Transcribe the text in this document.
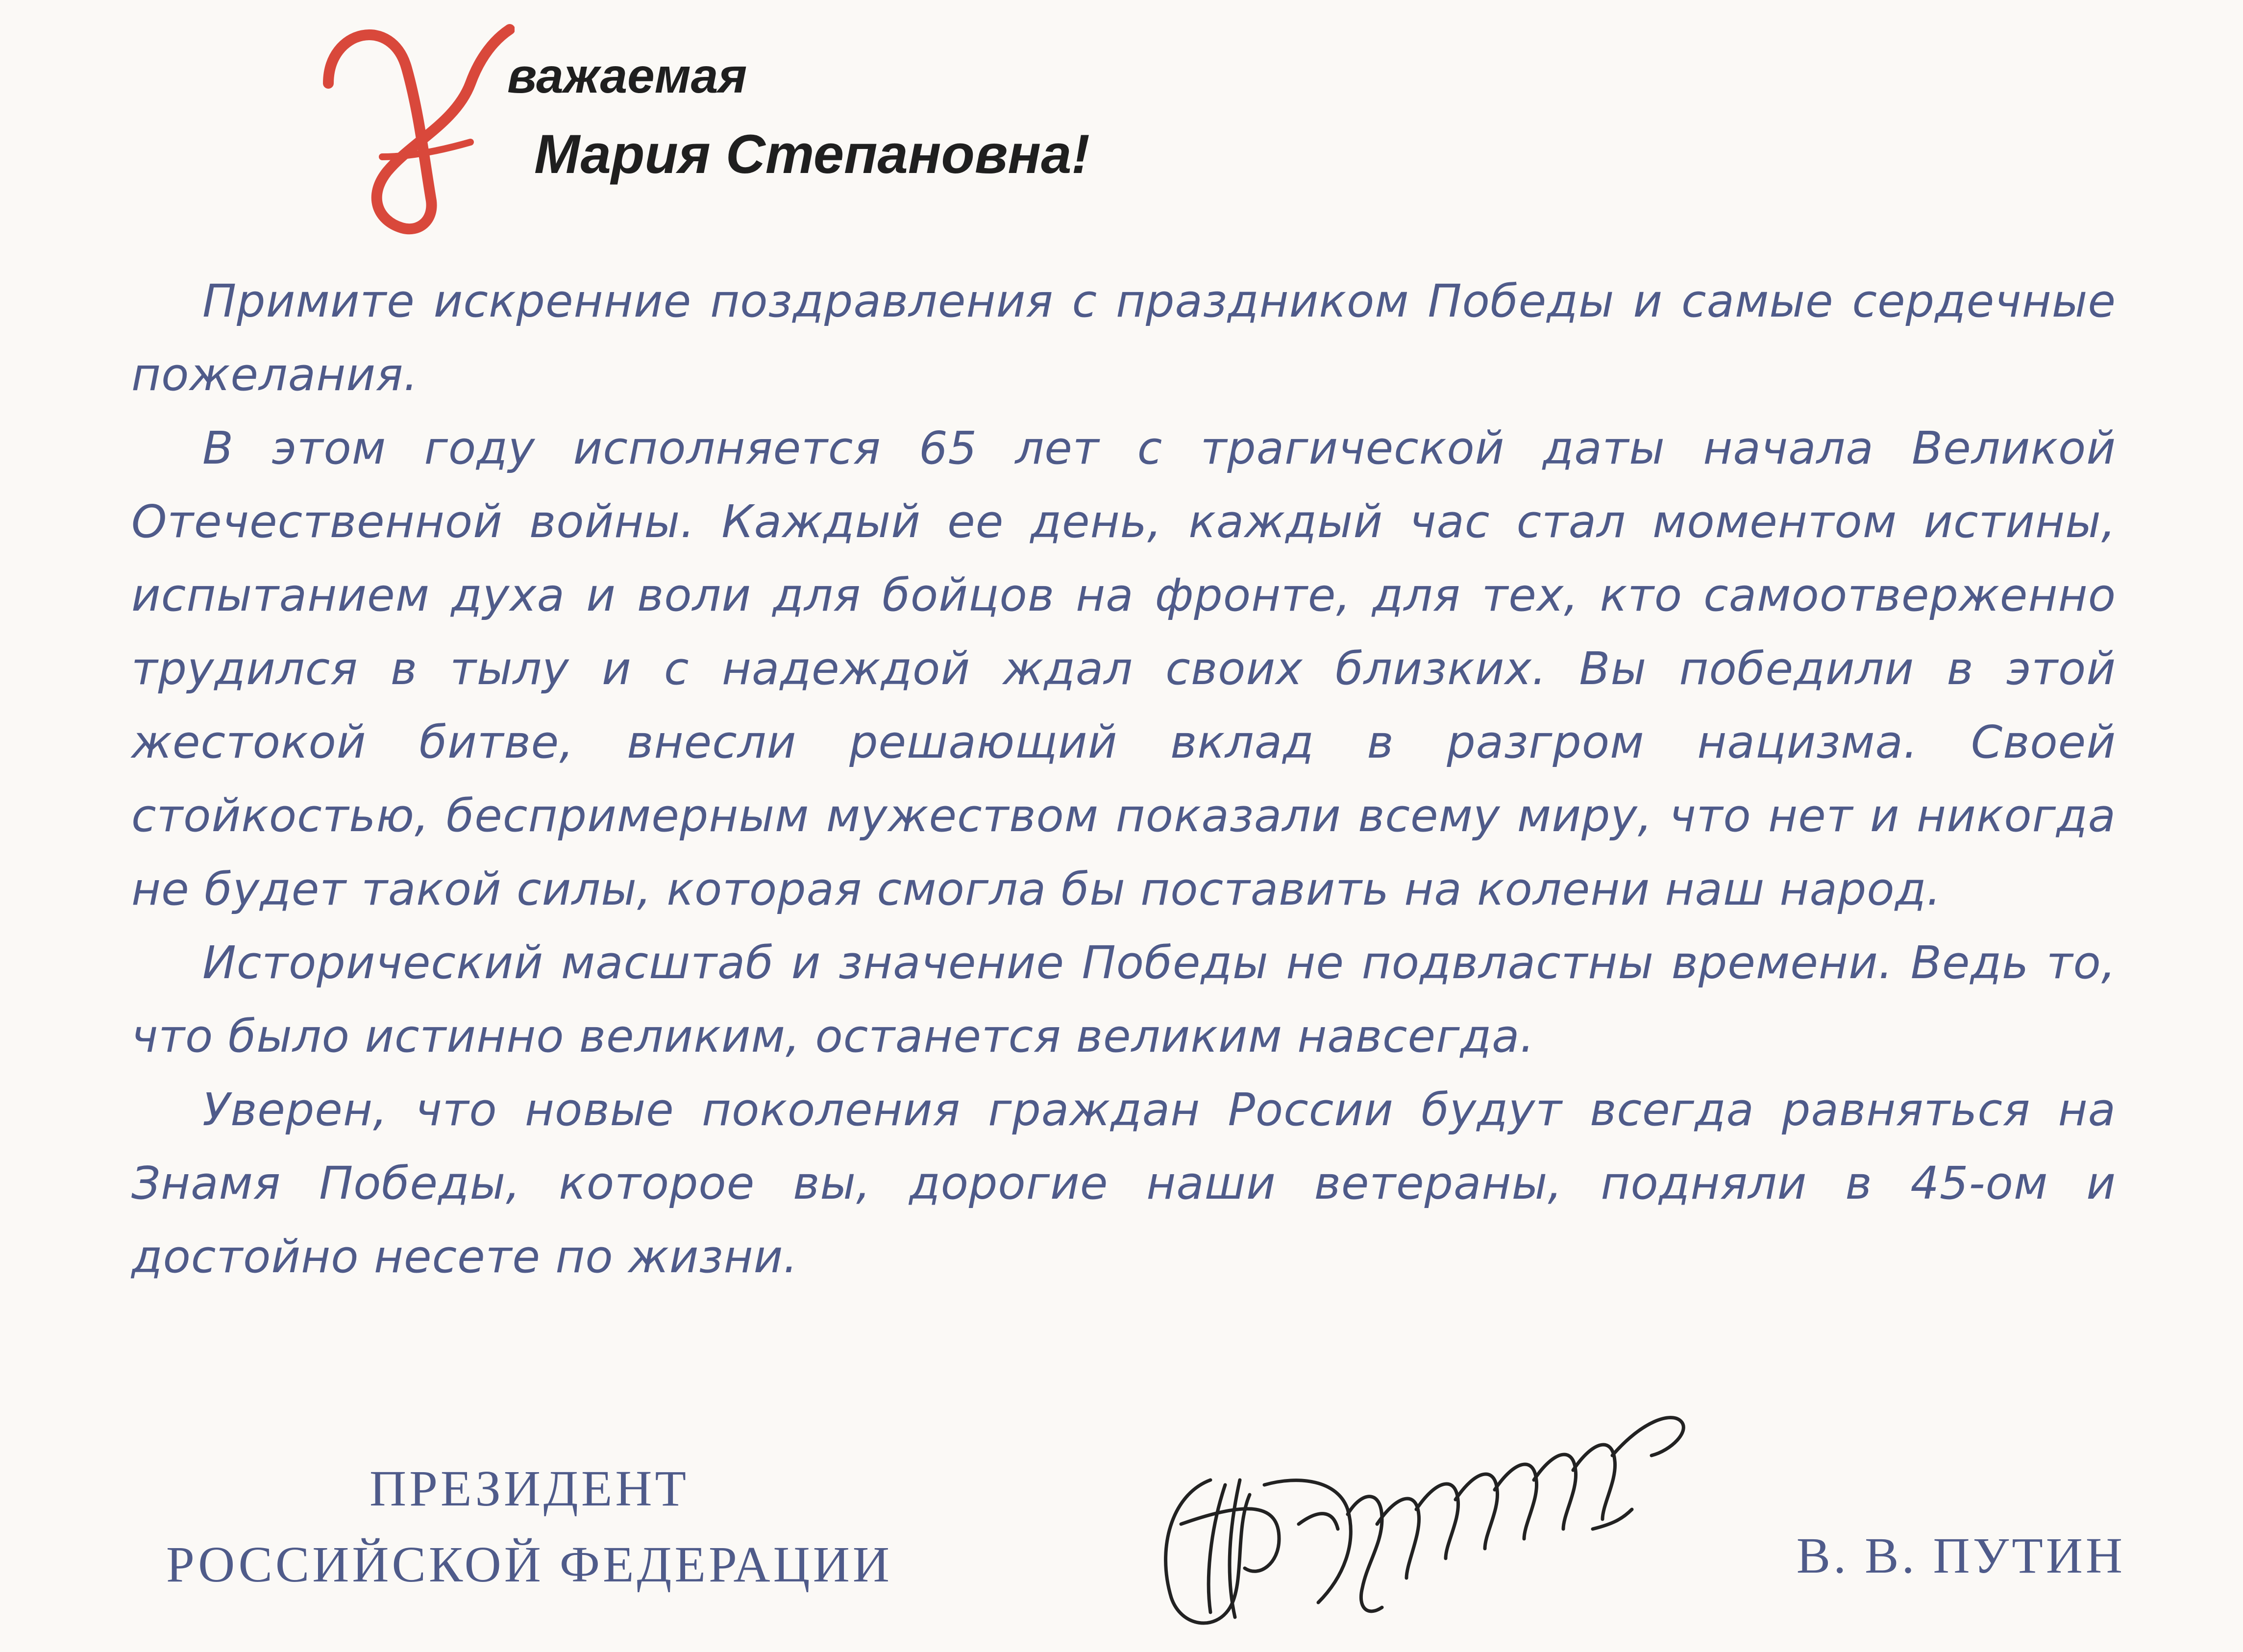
важаемая
Мария Степановна!

Примите искренние поздравления с праздником Победы и самые сердечные пожелания.

В этом году исполняется 65 лет с трагической даты начала Великой Отечественной войны. Каждый ее день, каждый час стал моментом истины, испытанием духа и воли для бойцов на фронте, для тех, кто самоотверженно трудился в тылу и с надеждой ждал своих близких. Вы победили в этой жестокой битве, внесли решающий вклад в разгром нацизма. Своей стойкостью, беспримерным мужеством показали всему миру, что нет и никогда не будет такой силы, которая смогла бы поставить на колени наш народ.

Исторический масштаб и значение Победы не подвластны времени. Ведь то, что было истинно великим, останется великим навсегда.

Уверен, что новые поколения граждан России будут всегда равняться на Знамя Победы, которое вы, дорогие наши ветераны, подняли в 45-ом и достойно несете по жизни.

ПРЕЗИДЕНТ
РОССИЙСКОЙ ФЕДЕРАЦИИ	В. В. ПУТИН
